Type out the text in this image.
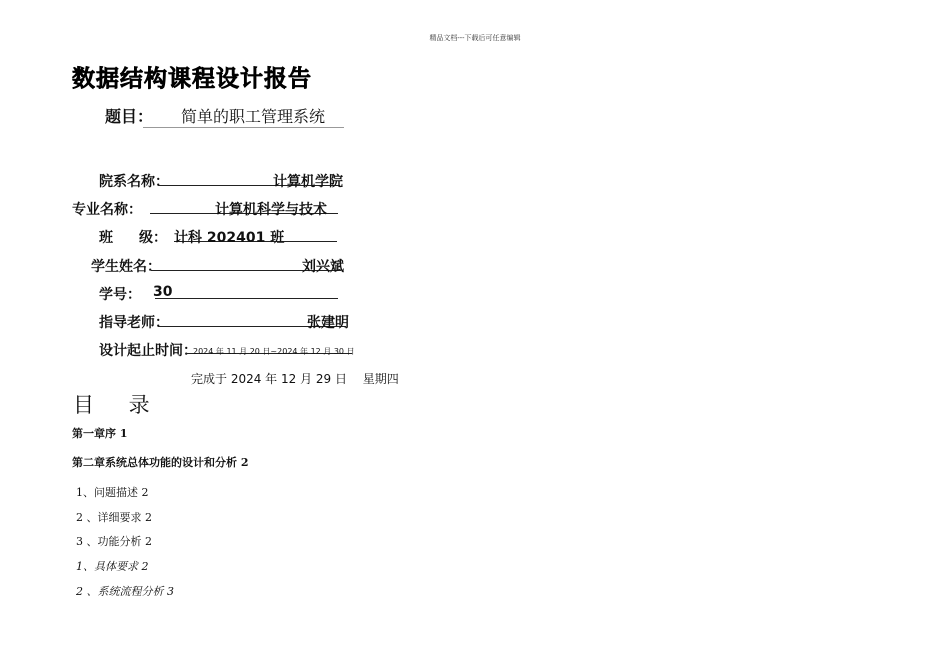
精品文档---下载后可任意编辑
数据结构课程设计报告
题目：	简单的职工管理系统
院系名称：	计算机学院
专业名称：	计算机科学与技术
班 级： 计科 202401 班
学生姓名：	刘兴斌
学号： 30
指导老师：	张建明
设计起止时间：
2024 年 11 月 20 日~2024 年 12 月 30 日
完成于 2024 年 12 月 29 日　 星期四
目 录
第一章序 1
第二章系统总体功能的设计和分析 2
1、问题描述 2
2 、详细要求 2
3 、功能分析 2
1、具体要求 2
2 、系统流程分析 3
